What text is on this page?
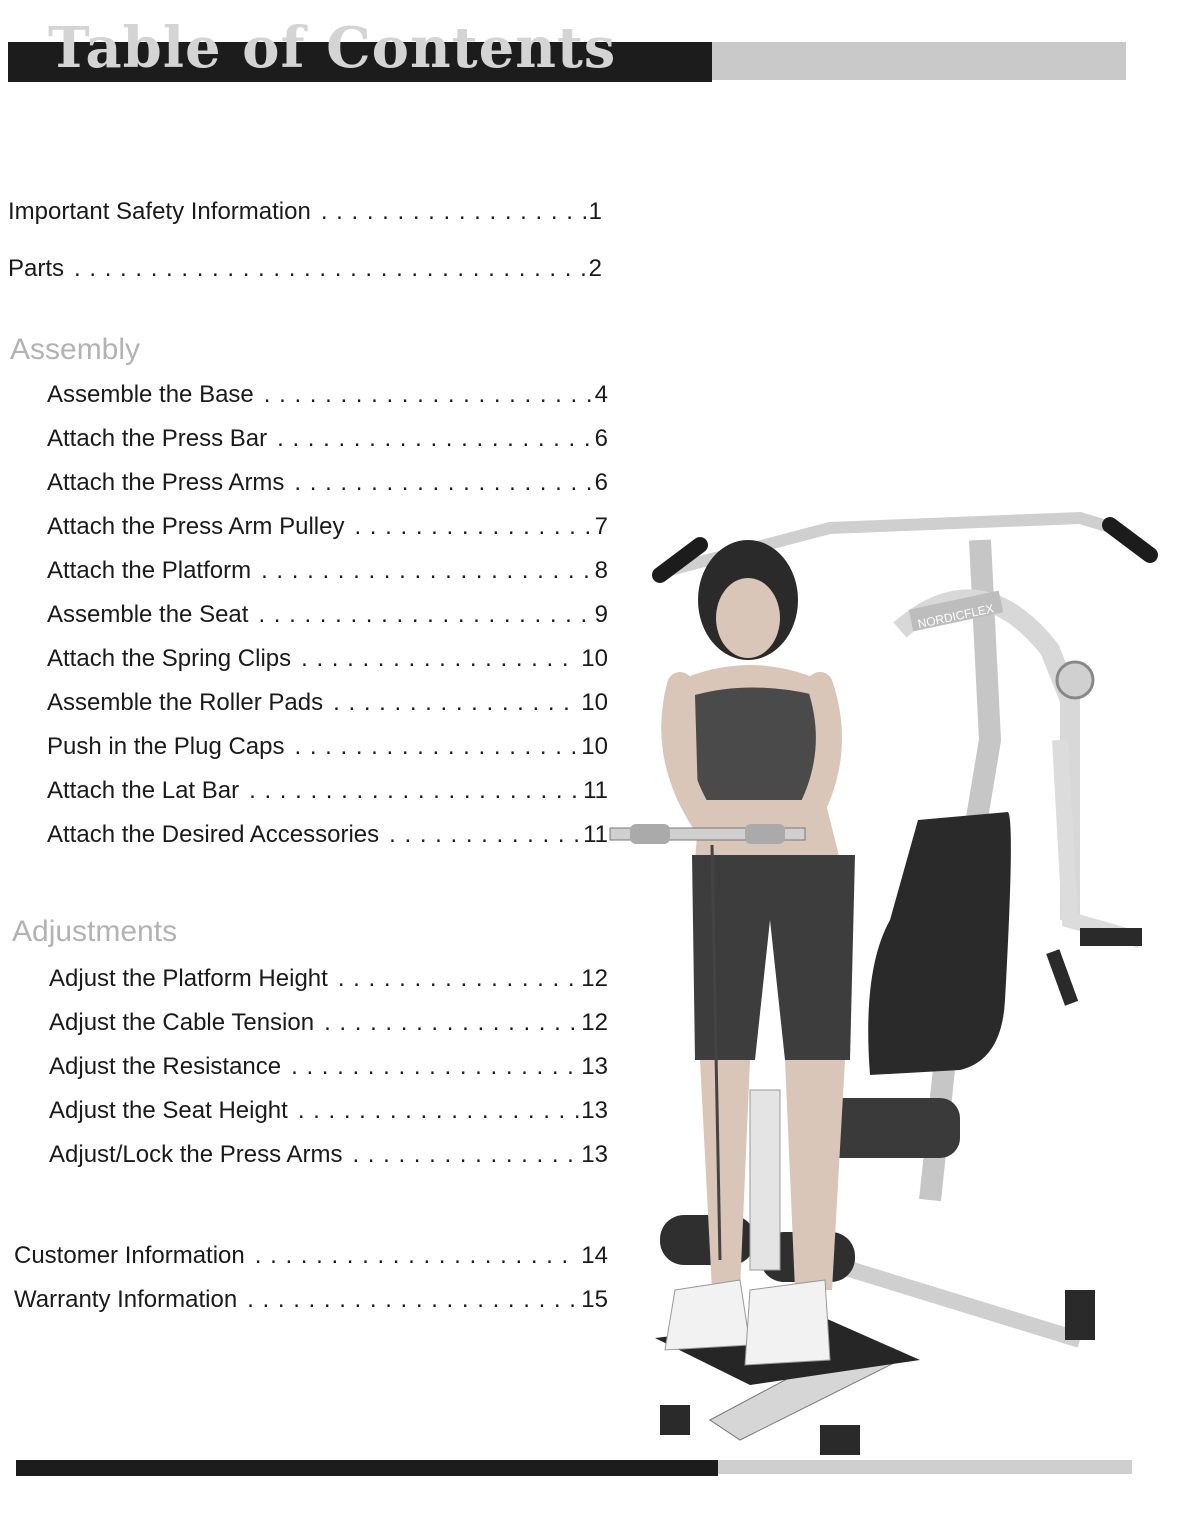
Table of Contents
Important Safety Information . . .	1
Parts . . .	2
Assembly
Assemble the Base . . .	4
Attach the Press Bar . . .	6
Attach the Press Arms . . .	6
Attach the Press Arm Pulley . . .	7
Attach the Platform . . .	8
Assemble the Seat . . .	9
Attach the Spring Clips . . .	10
Assemble the Roller Pads . . .	10
Push in the Plug Caps . . .	10
Attach the Lat Bar . . .	11
Attach the Desired Accessories . . .	11
Adjustments
Adjust the Platform Height . . .	12
Adjust the Cable Tension . . .	12
Adjust the Resistance . . .	13
Adjust the Seat Height . . .	13
Adjust/Lock the Press Arms . . .	13
Customer Information . . .	14
Warranty Information . . .	15
NORDICFLEX
